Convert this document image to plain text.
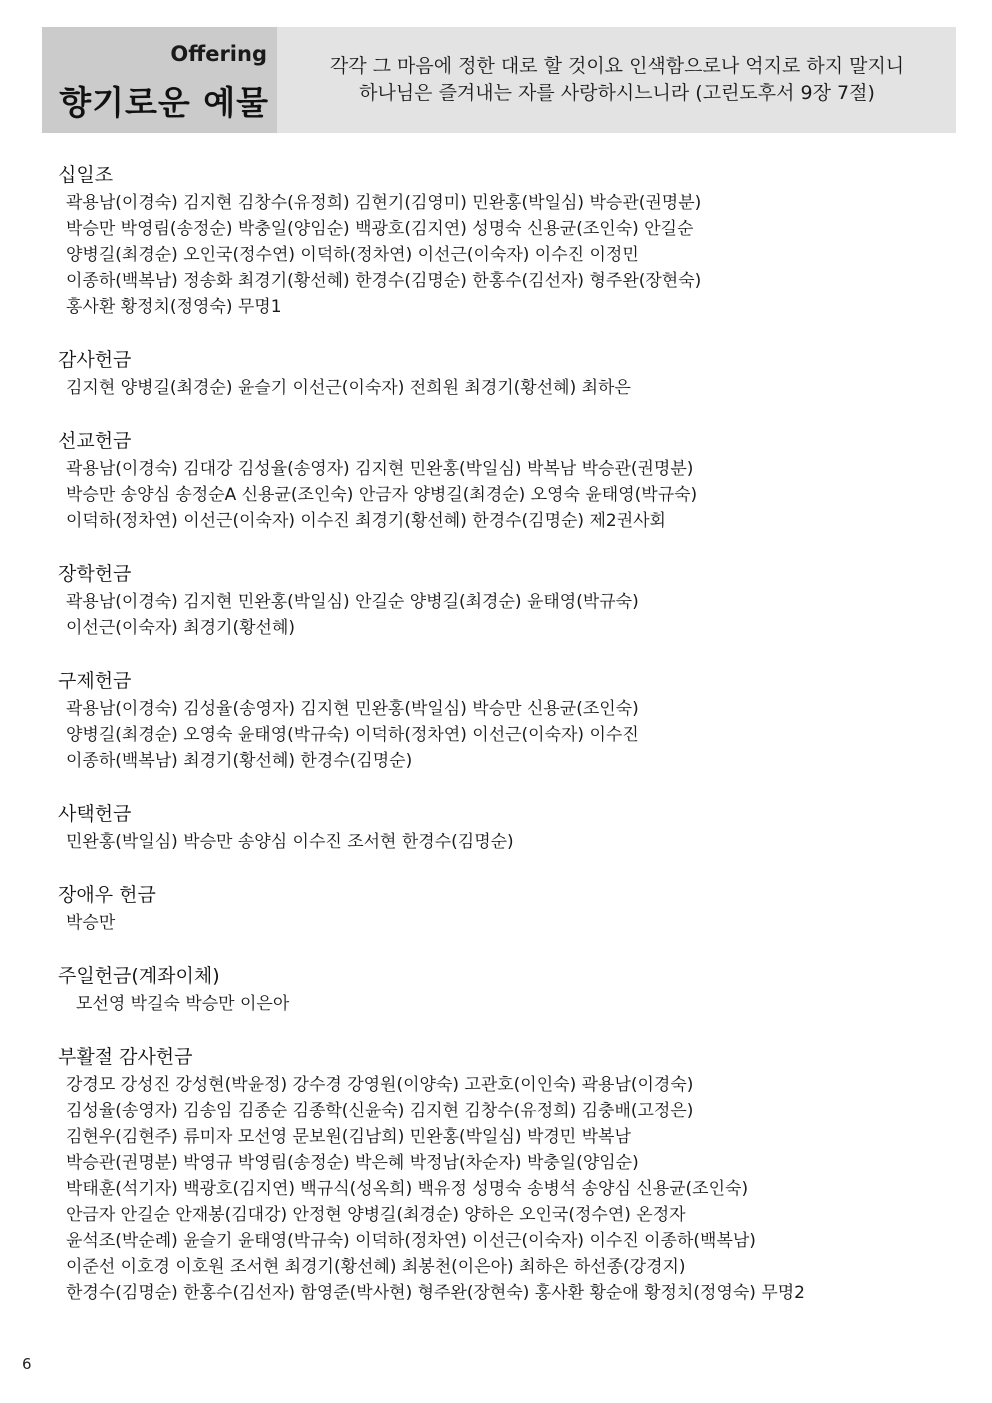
Offering
향기로운 예물
각각 그 마음에 정한 대로 할 것이요 인색함으로나 억지로 하지 말지니
하나님은 즐겨내는 자를 사랑하시느니라 (고린도후서 9장 7절)
십일조
곽용남(이경숙) 김지현 김창수(유정희) 김현기(김영미) 민완홍(박일심) 박승관(권명분)
박승만 박영림(송정순) 박충일(양임순) 백광호(김지연) 성명숙 신용균(조인숙) 안길순
양병길(최경순) 오인국(정수연) 이덕하(정차연) 이선근(이숙자) 이수진 이정민
이종하(백복남) 정송화 최경기(황선혜) 한경수(김명순) 한홍수(김선자) 형주완(장현숙)
홍사환 황정치(정영숙) 무명1
감사헌금
김지현 양병길(최경순) 윤슬기 이선근(이숙자) 전희원 최경기(황선혜) 최하은
선교헌금
곽용남(이경숙) 김대강 김성율(송영자) 김지현 민완홍(박일심) 박복남 박승관(권명분)
박승만 송양심 송정순A 신용균(조인숙) 안금자 양병길(최경순) 오영숙 윤태영(박규숙)
이덕하(정차연) 이선근(이숙자) 이수진 최경기(황선혜) 한경수(김명순) 제2권사회
장학헌금
곽용남(이경숙) 김지현 민완홍(박일심) 안길순 양병길(최경순) 윤태영(박규숙)
이선근(이숙자) 최경기(황선혜)
구제헌금
곽용남(이경숙) 김성율(송영자) 김지현 민완홍(박일심) 박승만 신용균(조인숙)
양병길(최경순) 오영숙 윤태영(박규숙) 이덕하(정차연) 이선근(이숙자) 이수진
이종하(백복남) 최경기(황선혜) 한경수(김명순)
사택헌금
민완홍(박일심) 박승만 송양심 이수진 조서현 한경수(김명순)
장애우 헌금
박승만
주일헌금(계좌이체)
모선영 박길숙 박승만 이은아
부활절 감사헌금
강경모 강성진 강성현(박윤정) 강수경 강영원(이양숙) 고관호(이인숙) 곽용남(이경숙)
김성율(송영자) 김송임 김종순 김종학(신윤숙) 김지현 김창수(유정희) 김충배(고정은)
김현우(김현주) 류미자 모선영 문보원(김남희) 민완홍(박일심) 박경민 박복남
박승관(권명분) 박영규 박영림(송정순) 박은혜 박정남(차순자) 박충일(양임순)
박태훈(석기자) 백광호(김지연) 백규식(성옥희) 백유정 성명숙 송병석 송양심 신용균(조인숙)
안금자 안길순 안재봉(김대강) 안정현 양병길(최경순) 양하은 오인국(정수연) 온정자
윤석조(박순례) 윤슬기 윤태영(박규숙) 이덕하(정차연) 이선근(이숙자) 이수진 이종하(백복남)
이준선 이호경 이호원 조서현 최경기(황선혜) 최봉천(이은아) 최하은 하선종(강경지)
한경수(김명순) 한홍수(김선자) 함영준(박사현) 형주완(장현숙) 홍사환 황순애 황정치(정영숙) 무명2
6
